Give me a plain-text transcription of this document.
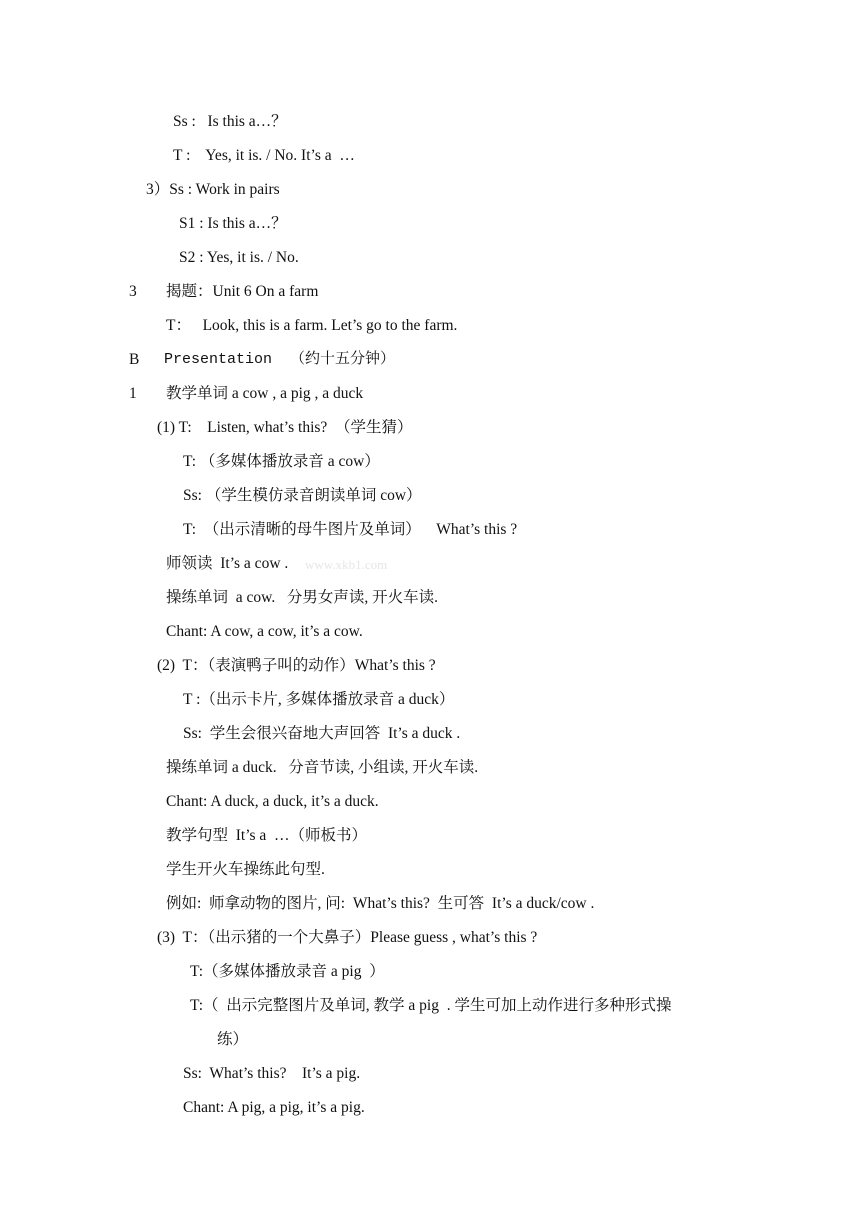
Ss :   Is this a…？
T :    Yes, it is. / No. It’s a  …
3）Ss : Work in pairs
S1 : Is this a…？
S2 : Yes, it is. / No.
3 揭题：Unit 6 On a farm
T：   Look, this is a farm. Let’s go to the farm.
B Presentation  （约十五分钟）
1 教学单词 a cow , a pig , a duck
(1) T:    Listen, what’s this?  （学生猜）
T: （多媒体播放录音 a cow）
Ss: （学生模仿录音朗读单词 cow）
T:  （出示清晰的母牛图片及单词）    What’s this ?
师领读  It’s a cow . www.xkb1.com
操练单词  a cow.   分男女声读, 开火车读.
Chant: A cow, a cow, it’s a cow.
(2)  T：（表演鸭子叫的动作）What’s this ?
T :（出示卡片, 多媒体播放录音 a duck）
Ss:  学生会很兴奋地大声回答  It’s a duck .
操练单词 a duck.   分音节读, 小组读, 开火车读.
Chant: A duck, a duck, it’s a duck.
教学句型  It’s a  …（师板书）
学生开火车操练此句型.
例如:  师拿动物的图片, 问:  What’s this?  生可答  It’s a duck/cow .
(3)  T：（出示猪的一个大鼻子）Please guess , what’s this ?
T:（多媒体播放录音 a pig  ）
T:（  出示完整图片及单词, 教学 a pig  . 学生可加上动作进行多种形式操
练）
Ss:  What’s this?    It’s a pig.
Chant: A pig, a pig, it’s a pig.
